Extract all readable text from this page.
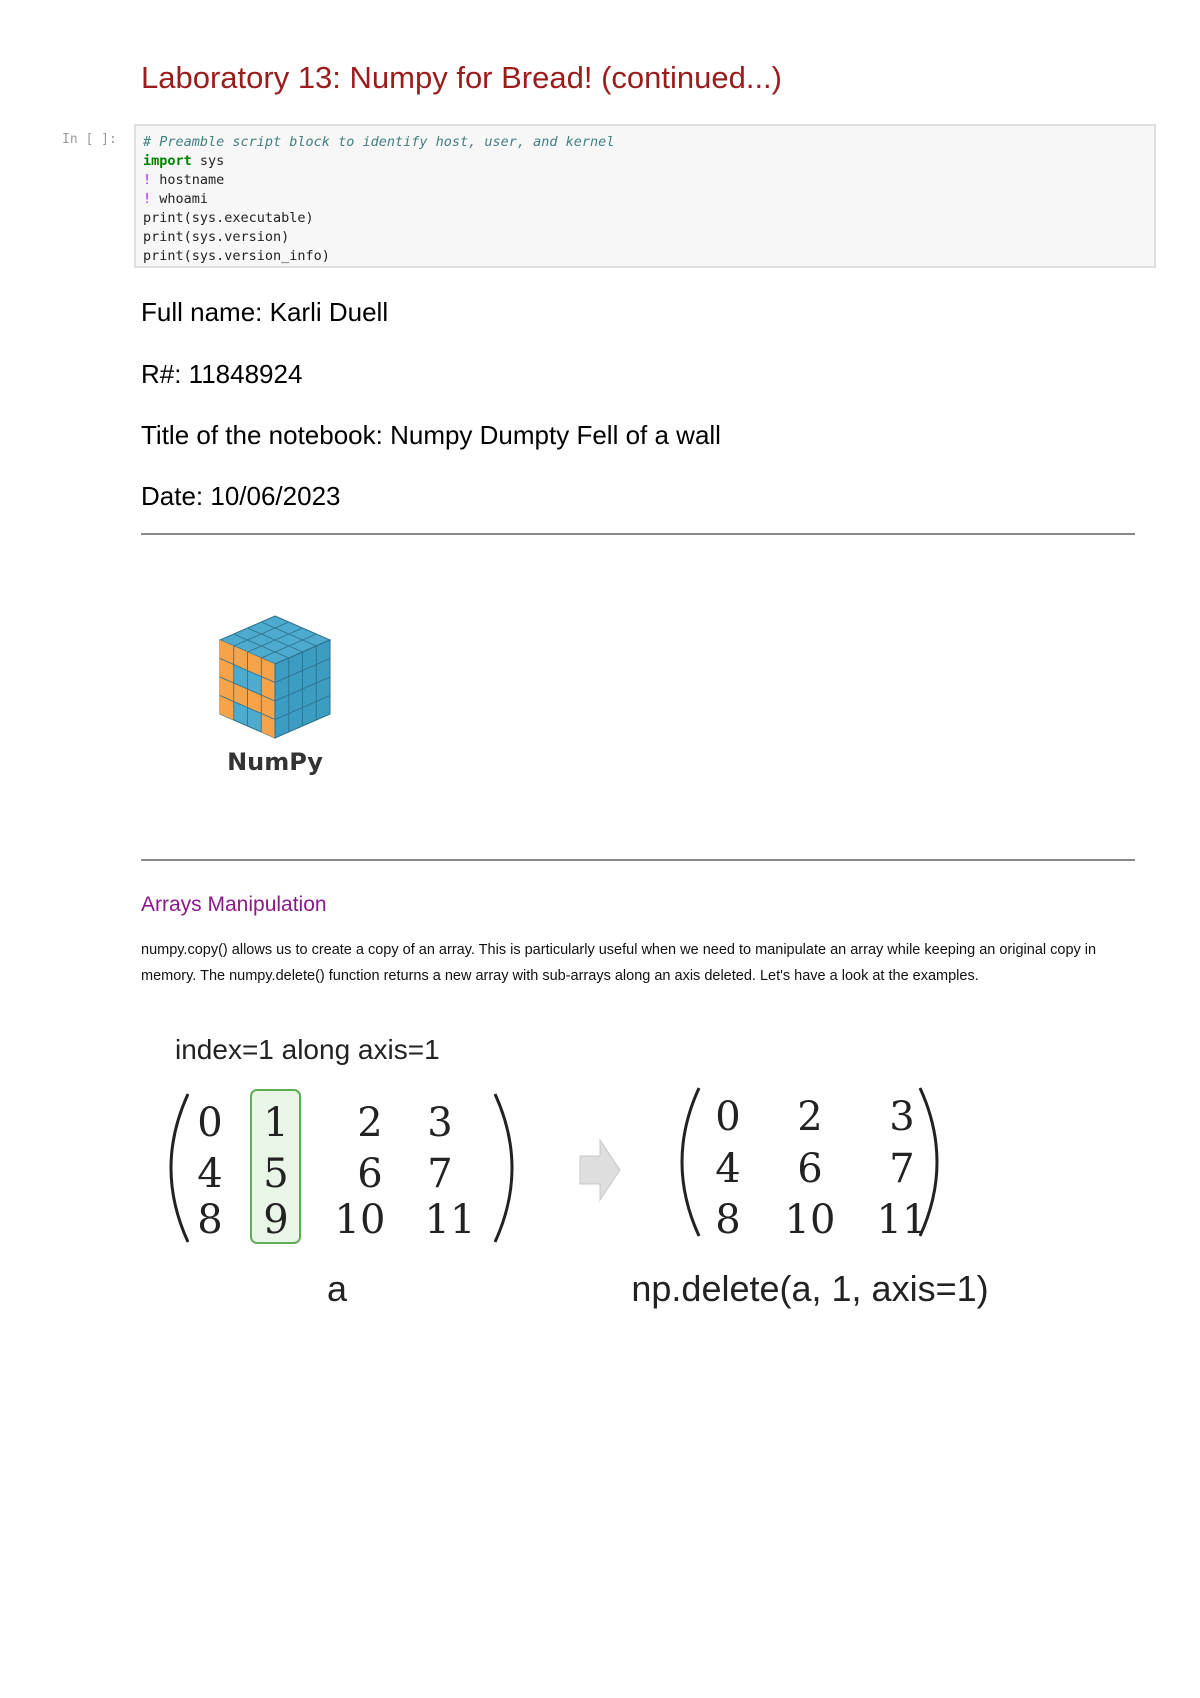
Laboratory 13: Numpy for Bread! (continued...)
In [ ]:	# Preamble script block to identify host, user, and kernel
import sys
! hostname
! whoami
print(sys.executable)
print(sys.version)
print(sys.version_info)
Full name: Karli Duell
R#: 11848924
Title of the notebook: Numpy Dumpty Fell of a wall
Date: 10/06/2023
NumPy
Arrays Manipulation
numpy.copy() allows us to create a copy of an array. This is particularly useful when we need to manipulate an array while keeping an original copy in memory. The numpy.delete() function returns a new array with sub-arrays along an axis deleted. Let's have a look at the examples.
index=1 along axis=1
0 1 2 3
4 5 6 7
8 9 10 11
0 2 3
4 6 7
8 10 11
a	np.delete(a, 1, axis=1)
